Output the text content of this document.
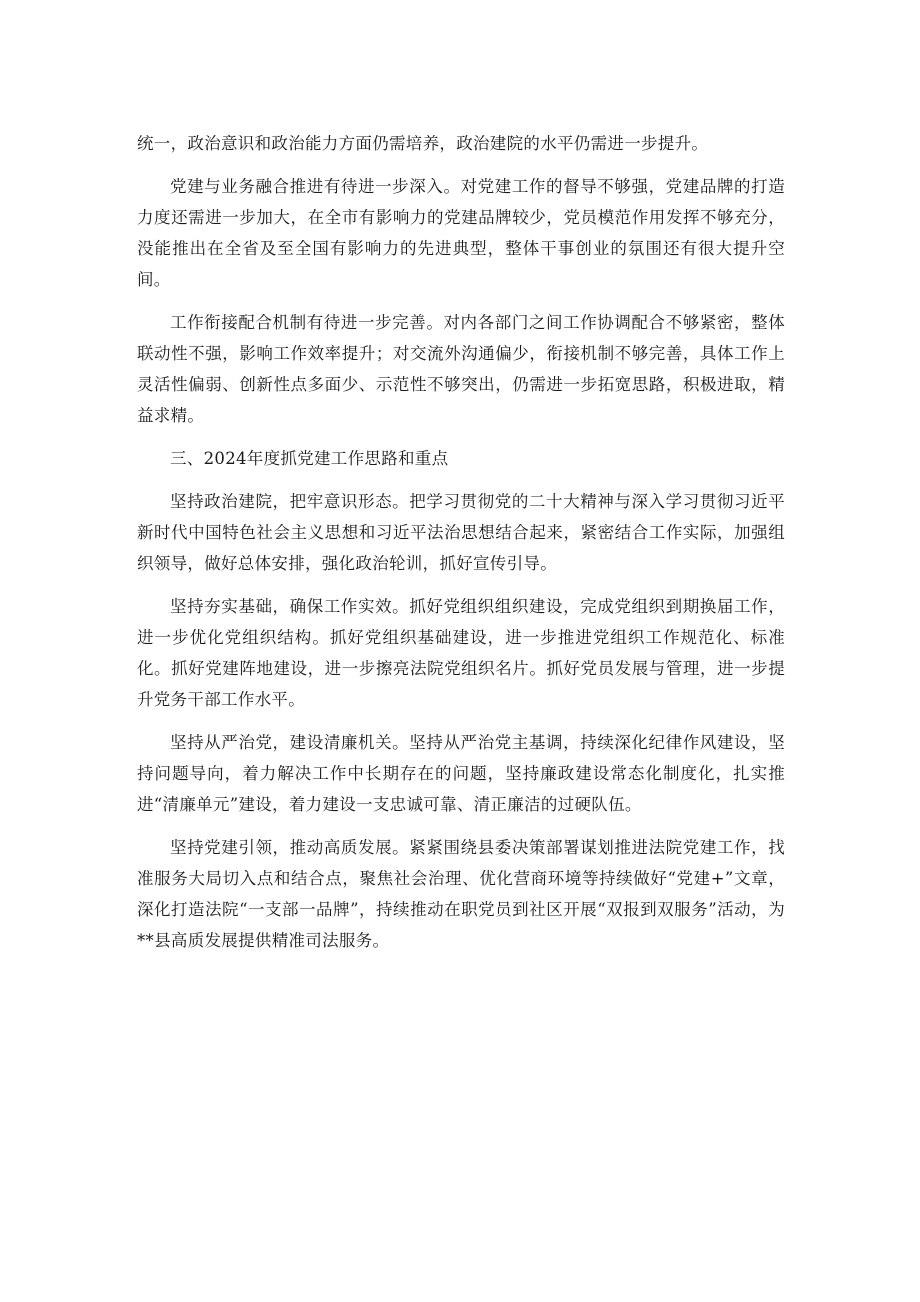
统一，政治意识和政治能力方面仍需培养，政治建院的水平仍需进一步提升。

党建与业务融合推进有待进一步深入。对党建工作的督导不够强，党建品牌的打造力度还需进一步加大，在全市有影响力的党建品牌较少，党员模范作用发挥不够充分，没能推出在全省及至全国有影响力的先进典型，整体干事创业的氛围还有很大提升空间。

工作衔接配合机制有待进一步完善。对内各部门之间工作协调配合不够紧密，整体联动性不强，影响工作效率提升；对交流外沟通偏少，衔接机制不够完善，具体工作上灵活性偏弱、创新性点多面少、示范性不够突出，仍需进一步拓宽思路，积极进取，精益求精。

三、2024年度抓党建工作思路和重点

坚持政治建院，把牢意识形态。把学习贯彻党的二十大精神与深入学习贯彻习近平新时代中国特色社会主义思想和习近平法治思想结合起来，紧密结合工作实际，加强组织领导，做好总体安排，强化政治轮训，抓好宣传引导。

坚持夯实基础，确保工作实效。抓好党组织组织建设，完成党组织到期换届工作，进一步优化党组织结构。抓好党组织基础建设，进一步推进党组织工作规范化、标准化。抓好党建阵地建设，进一步擦亮法院党组织名片。抓好党员发展与管理，进一步提升党务干部工作水平。

坚持从严治党，建设清廉机关。坚持从严治党主基调，持续深化纪律作风建设，坚持问题导向，着力解决工作中长期存在的问题，坚持廉政建设常态化制度化，扎实推进“清廉单元”建设，着力建设一支忠诚可靠、清正廉洁的过硬队伍。

坚持党建引领，推动高质发展。紧紧围绕县委决策部署谋划推进法院党建工作，找准服务大局切入点和结合点，聚焦社会治理、优化营商环境等持续做好“党建+”文章，深化打造法院“一支部一品牌”，持续推动在职党员到社区开展“双报到双服务”活动，为**县高质发展提供精准司法服务。
